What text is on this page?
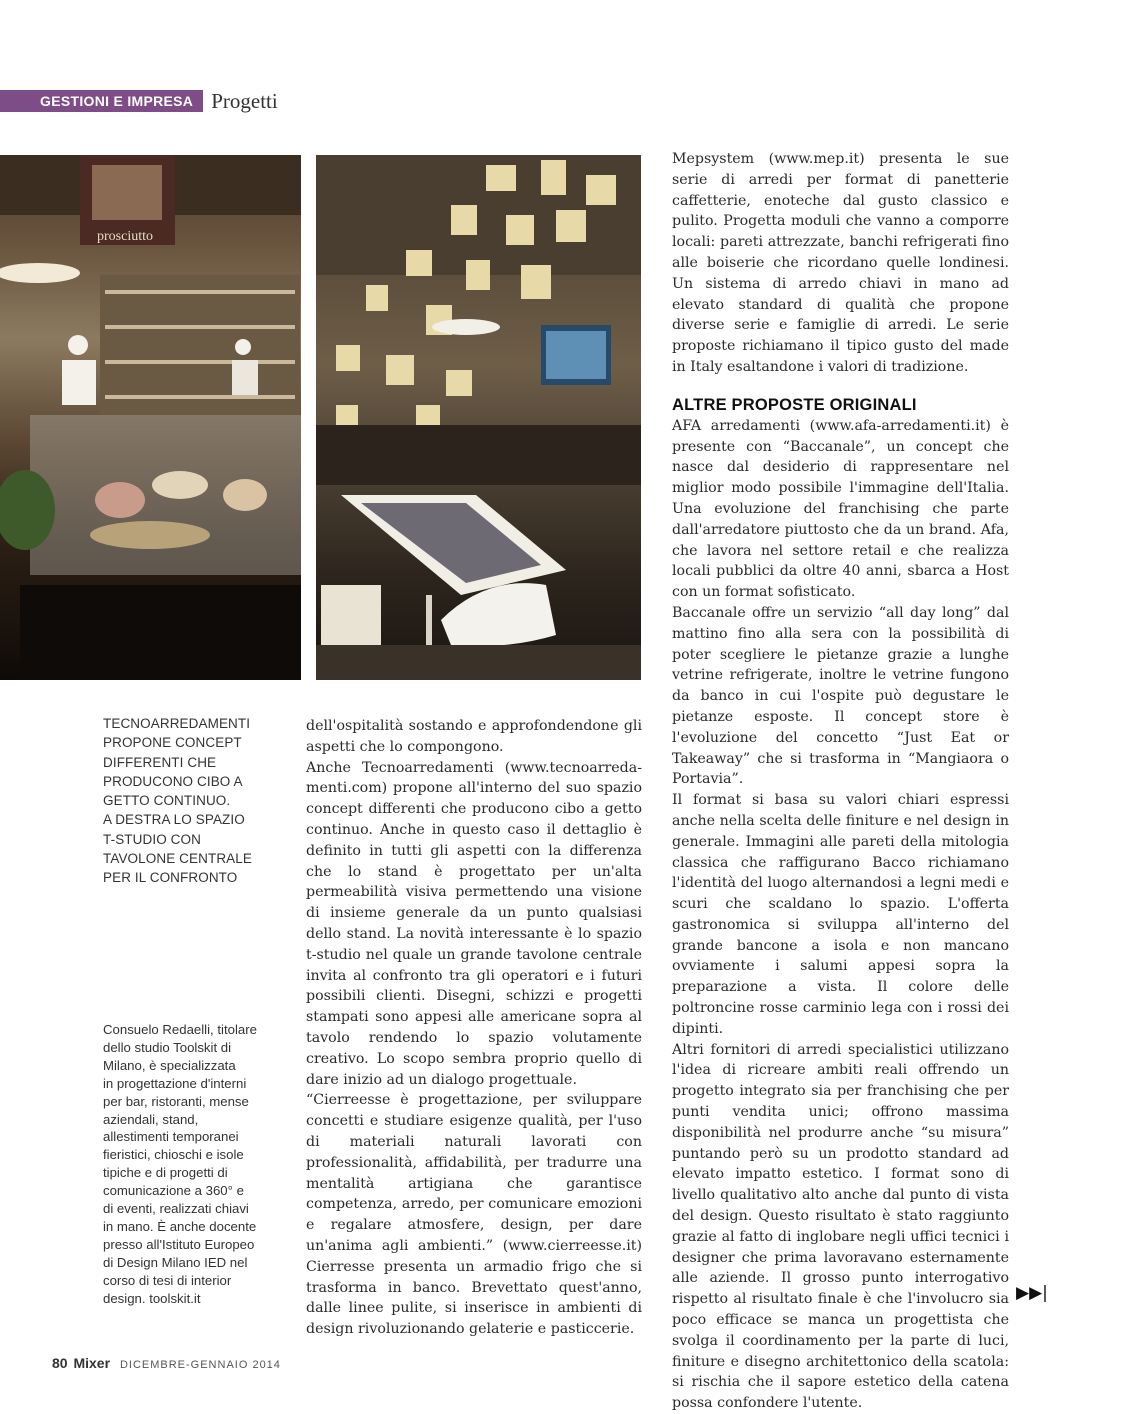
GESTIONI E IMPRESA Progetti
prosciutto
TECNOARREDAMENTI
PROPONE CONCEPT
DIFFERENTI CHE
PRODUCONO CIBO A
GETTO CONTINUO.
A DESTRA LO SPAZIO
T-STUDIO CON
TAVOLONE CENTRALE
PER IL CONFRONTO
Consuelo Redaelli, titolare
dello studio Toolskit di
Milano, è specializzata
in progettazione d'interni
per bar, ristoranti, mense
aziendali, stand,
allestimenti temporanei
fieristici, chioschi e isole
tipiche e di progetti di
comunicazione a 360° e
di eventi, realizzati chiavi
in mano. È anche docente
presso all'Istituto Europeo
di Design Milano IED nel
corso di tesi di interior
design. toolskit.it

dell'ospitalità sostando e approfondendone gli aspetti che lo compongono.

Anche Tecnoarredamenti (www.tecnoarreda-menti.com) propone all'interno del suo spazio concept differenti che producono cibo a getto continuo. Anche in questo caso il dettaglio è definito in tutti gli aspetti con la differenza che lo stand è progettato per un'alta permeabilità visiva permettendo una visione di insieme generale da un punto qualsiasi dello stand. La novità interessante è lo spazio t-studio nel quale un grande tavolone centrale invita al confronto tra gli operatori e i futuri possibili clienti. Disegni, schizzi e progetti stampati sono appesi alle americane sopra al tavolo rendendo lo spazio volutamente creativo. Lo scopo sembra proprio quello di dare inizio ad un dialogo progettuale.

“Cierreesse è progettazione, per sviluppare concetti e studiare esigenze qualità, per l'uso di materiali naturali lavorati con professionalità, affidabilità, per tradurre una mentalità artigiana che garantisce competenza, arredo, per comunicare emozioni e regalare atmosfere, design, per dare un'anima agli ambienti.” (www.cierreesse.it) Cierresse presenta un armadio frigo che si trasforma in banco. Brevettato quest'anno, dalle linee pulite, si inserisce in ambienti di design rivoluzionando gelaterie e pasticcerie.

Mepsystem (www.mep.it) presenta le sue serie di arredi per format di panetterie caffetterie, enoteche dal gusto classico e pulito. Progetta moduli che vanno a comporre locali: pareti attrezzate, banchi refrigerati fino alle boiserie che ricordano quelle londinesi. Un sistema di arredo chiavi in mano ad elevato standard di qualità che propone diverse serie e famiglie di arredi. Le serie proposte richiamano il tipico gusto del made in Italy esaltandone i valori di tradizione.

ALTRE PROPOSTE ORIGINALI

AFA arredamenti (www.afa-arredamenti.it) è presente con “Baccanale”, un concept che nasce dal desiderio di rappresentare nel miglior modo possibile l'immagine dell'Italia. Una evoluzione del franchising che parte dall'arredatore piuttosto che da un brand. Afa, che lavora nel settore retail e che realizza locali pubblici da oltre 40 anni, sbarca a Host con un format sofisticato.

Baccanale offre un servizio “all day long” dal mattino fino alla sera con la possibilità di poter scegliere le pietanze grazie a lunghe vetrine refrigerate, inoltre le vetrine fungono da banco in cui l'ospite può degustare le pietanze esposte. Il concept store è l'evoluzione del concetto “Just Eat or Takeaway” che si trasforma in “Mangiaora o Portavia”.

Il format si basa su valori chiari espressi anche nella scelta delle finiture e nel design in generale. Immagini alle pareti della mitologia classica che raffigurano Bacco richiamano l'identità del luogo alternandosi a legni medi e scuri che scaldano lo spazio. L'offerta gastronomica si sviluppa all'interno del grande bancone a isola e non mancano ovviamente i salumi appesi sopra la preparazione a vista. Il colore delle poltroncine rosse carminio lega con i rossi dei dipinti.

Altri fornitori di arredi specialistici utilizzano l'idea di ricreare ambiti reali offrendo un progetto integrato sia per franchising che per punti vendita unici; offrono massima disponibilità nel produrre anche “su misura” puntando però su un prodotto standard ad elevato impatto estetico. I format sono di livello qualitativo alto anche dal punto di vista del design. Questo risultato è stato raggiunto grazie al fatto di inglobare negli uffici tecnici i designer che prima lavoravano esternamente alle aziende. Il grosso punto interrogativo rispetto al risultato finale è che l'involucro sia poco efficace se manca un progettista che svolga il coordinamento per la parte di luci, finiture e disegno architettonico della scatola: si rischia che il sapore estetico della catena possa confondere l'utente.

▶▶|
80 Mixer DICEMBRE-GENNAIO 2014
